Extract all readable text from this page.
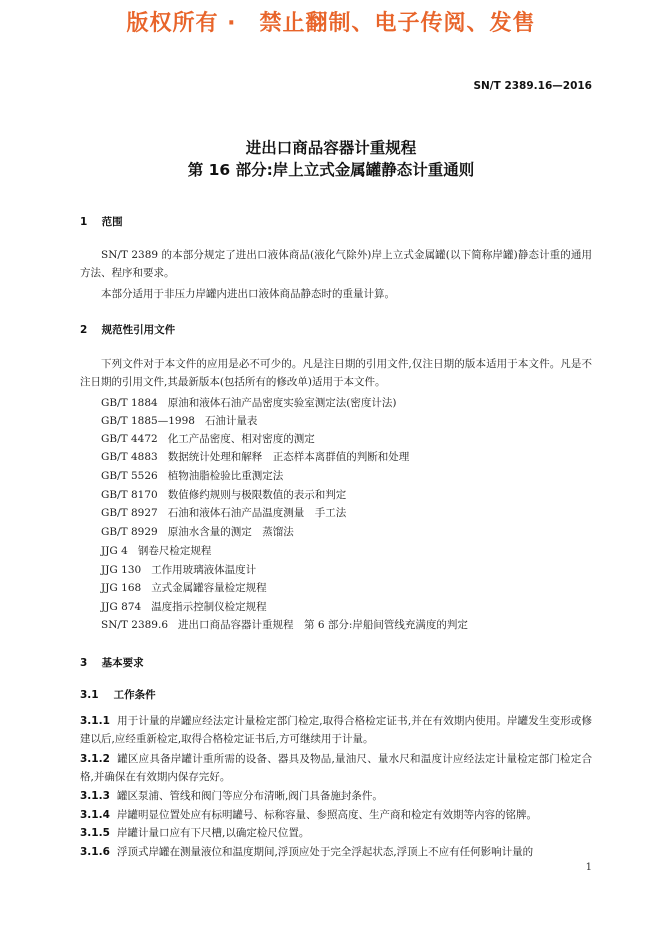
版权所有 ·　禁止翻制、电子传阅、发售
SN/T 2389.16—2016
进出口商品容器计重规程
第 16 部分:岸上立式金属罐静态计重通则
1 范围
SN/T 2389 的本部分规定了进出口液体商品(液化气除外)岸上立式金属罐(以下简称岸罐)静态计重的通用方法、程序和要求。
本部分适用于非压力岸罐内进出口液体商品静态时的重量计算。
2 规范性引用文件
下列文件对于本文件的应用是必不可少的。凡是注日期的引用文件,仅注日期的版本适用于本文件。凡是不注日期的引用文件,其最新版本(包括所有的修改单)适用于本文件。
GB/T 1884 原油和液体石油产品密度实验室测定法(密度计法)
GB/T 1885—1998 石油计量表
GB/T 4472 化工产品密度、相对密度的测定
GB/T 4883 数据统计处理和解释　正态样本离群值的判断和处理
GB/T 5526 植物油脂检验比重测定法
GB/T 8170 数值修约规则与极限数值的表示和判定
GB/T 8927 石油和液体石油产品温度测量　手工法
GB/T 8929 原油水含量的测定　蒸馏法
JJG 4 钢卷尺检定规程
JJG 130 工作用玻璃液体温度计
JJG 168 立式金属罐容量检定规程
JJG 874 温度指示控制仪检定规程
SN/T 2389.6 进出口商品容器计重规程　第 6 部分:岸船间管线充满度的判定
3 基本要求
3.1 工作条件
3.1.1 用于计量的岸罐应经法定计量检定部门检定,取得合格检定证书,并在有效期内使用。岸罐发生变形或修建以后,应经重新检定,取得合格检定证书后,方可继续用于计量。
3.1.2 罐区应具备岸罐计重所需的设备、器具及物品,量油尺、量水尺和温度计应经法定计量检定部门检定合格,并确保在有效期内保存完好。
3.1.3 罐区泵浦、管线和阀门等应分布清晰,阀门具备施封条件。
3.1.4 岸罐明显位置处应有标明罐号、标称容量、参照高度、生产商和检定有效期等内容的铭牌。
3.1.5 岸罐计量口应有下尺槽,以确定检尺位置。
3.1.6 浮顶式岸罐在测量液位和温度期间,浮顶应处于完全浮起状态,浮顶上不应有任何影响计量的
1
